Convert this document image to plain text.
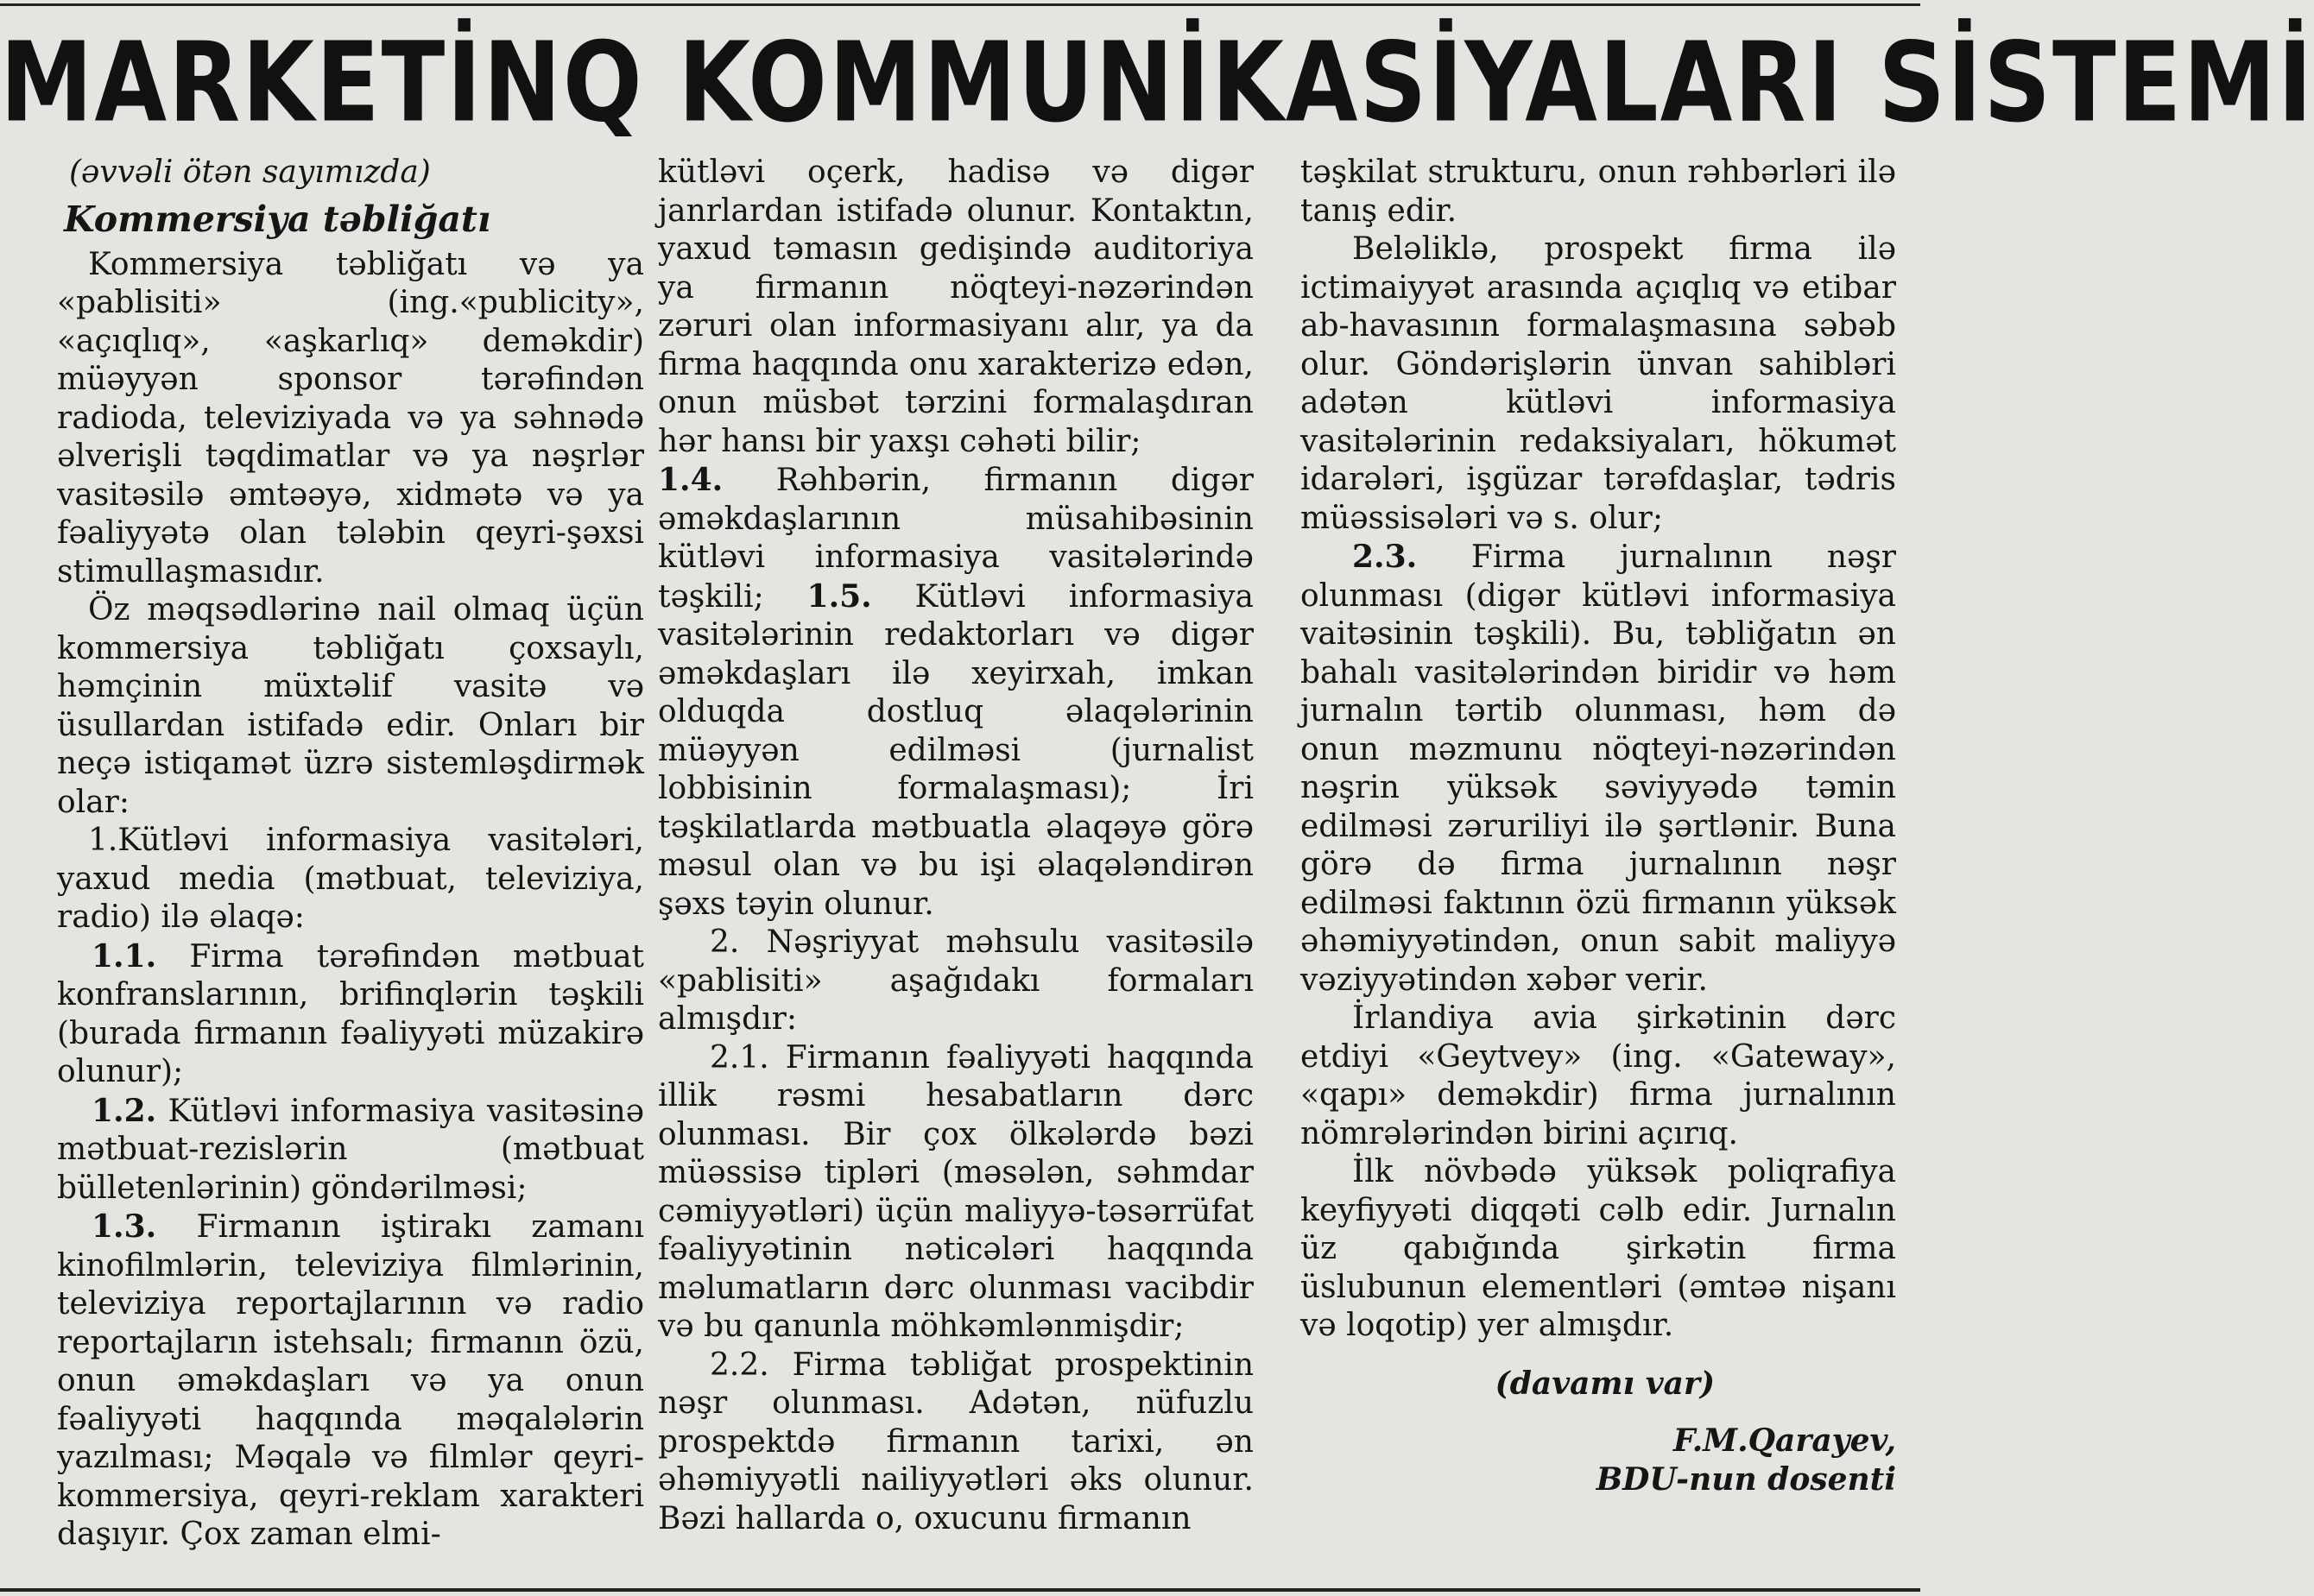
MARKETİNQ KOMMUNİKASİYALARI SİSTEMİ

(əvvəli ötən sayımızda)

Kommersiya təbliğatı

Kommersiya təbliğatı və ya «pablisiti» (ing.«publicity», «açıqlıq», «aşkarlıq» deməkdir) müəyyən sponsor tərəfindən radioda, televiziyada və ya səhnədə əlverişli təqdimatlar və ya nəşrlər vasitəsilə əmtəəyə, xidmətə və ya fəaliyyətə olan tələbin qeyri-şəxsi stimullaşmasıdır.

Öz məqsədlərinə nail olmaq üçün kommersiya təbliğatı çoxsaylı, həmçinin müxtəlif vasitə və üsullardan istifadə edir. Onları bir neçə istiqamət üzrə sistemləşdirmək olar:

1.Kütləvi informasiya vasitələri, yaxud media (mətbuat, televiziya, radio) ilə əlaqə:

1.1. Firma tərəfindən mətbuat konfranslarının, brifinqlərin təşkili (burada firmanın fəaliyyəti müzakirə olunur);

1.2. Kütləvi informasiya vasitəsinə mətbuat-rezislərin (mətbuat bülletenlərinin) göndərilməsi;

1.3. Firmanın iştirakı zamanı kinofilmlərin, televiziya filmlərinin, televiziya reportajlarının və radio reportajların istehsalı; firmanın özü, onun əməkdaşları və ya onun fəaliyyəti haqqında məqalələrin yazılması; Məqalə və filmlər qeyri-kommersiya, qeyri-reklam xarakteri daşıyır. Çox zaman elmi-

kütləvi oçerk, hadisə və digər janrlardan istifadə olunur. Kontaktın, yaxud təmasın gedişində auditoriya ya firmanın nöqteyi-nəzərindən zəruri olan informasiyanı alır, ya da firma haqqında onu xarakterizə edən, onun müsbət tərzini formalaşdıran hər hansı bir yaxşı cəhəti bilir;
1.4. Rəhbərin, firmanın digər əməkdaşlarının müsahibəsinin kütləvi informasiya vasitələrində təşkili; 1.5. Kütləvi informasiya vasitələrinin redaktorları və digər əməkdaşları ilə xeyirxah, imkan olduqda dostluq əlaqələrinin müəyyən edilməsi (jurnalist lobbisinin formalaşması); İri təşkilatlarda mətbuatla əlaqəyə görə məsul olan və bu işi əlaqələndirən şəxs təyin olunur.

2. Nəşriyyat məhsulu vasitəsilə «pablisiti» aşağıdakı formaları almışdır:

2.1. Firmanın fəaliyyəti haqqında illik rəsmi hesabatların dərc olunması. Bir çox ölkələrdə bəzi müəssisə tipləri (məsələn, səhmdar cəmiyyətləri) üçün maliyyə-təsərrüfat fəaliyyətinin nəticələri haqqında məlumatların dərc olunması vacibdir və bu qanunla möhkəmlənmişdir;

2.2. Firma təbliğat prospektinin nəşr olunması. Adətən, nüfuzlu prospektdə firmanın tarixi, ən əhəmiyyətli nailiyyətləri əks olunur. Bəzi hallarda o, oxucunu firmanın

təşkilat strukturu, onun rəhbərləri ilə tanış edir.

Beləliklə, prospekt firma ilə ictimaiyyət arasında açıqlıq və etibar ab-havasının formalaşmasına səbəb olur. Göndərişlərin ünvan sahibləri adətən kütləvi informasiya vasitələrinin redaksiyaları, hökumət idarələri, işgüzar tərəfdaşlar, tədris müəssisələri və s. olur;

2.3. Firma jurnalının nəşr olunması (digər kütləvi informasiya vaitəsinin təşkili). Bu, təbliğatın ən bahalı vasitələrindən biridir və həm jurnalın tərtib olunması, həm də onun məzmunu nöqteyi-nəzərindən nəşrin yüksək səviyyədə təmin edilməsi zəruriliyi ilə şərtlənir. Buna görə də firma jurnalının nəşr edilməsi faktının özü firmanın yüksək əhəmiyyətindən, onun sabit maliyyə vəziyyətindən xəbər verir.

İrlandiya avia şirkətinin dərc etdiyi «Geytvey» (ing. «Gateway», «qapı» deməkdir) firma jurnalının nömrələrindən birini açırıq.

İlk növbədə yüksək poliqrafiya keyfiyyəti diqqəti cəlb edir. Jurnalın üz qabığında şirkətin firma üslubunun elementləri (əmtəə nişanı və loqotip) yer almışdır.

(davamı var)

F.M.Qarayev,

BDU-nun dosenti
